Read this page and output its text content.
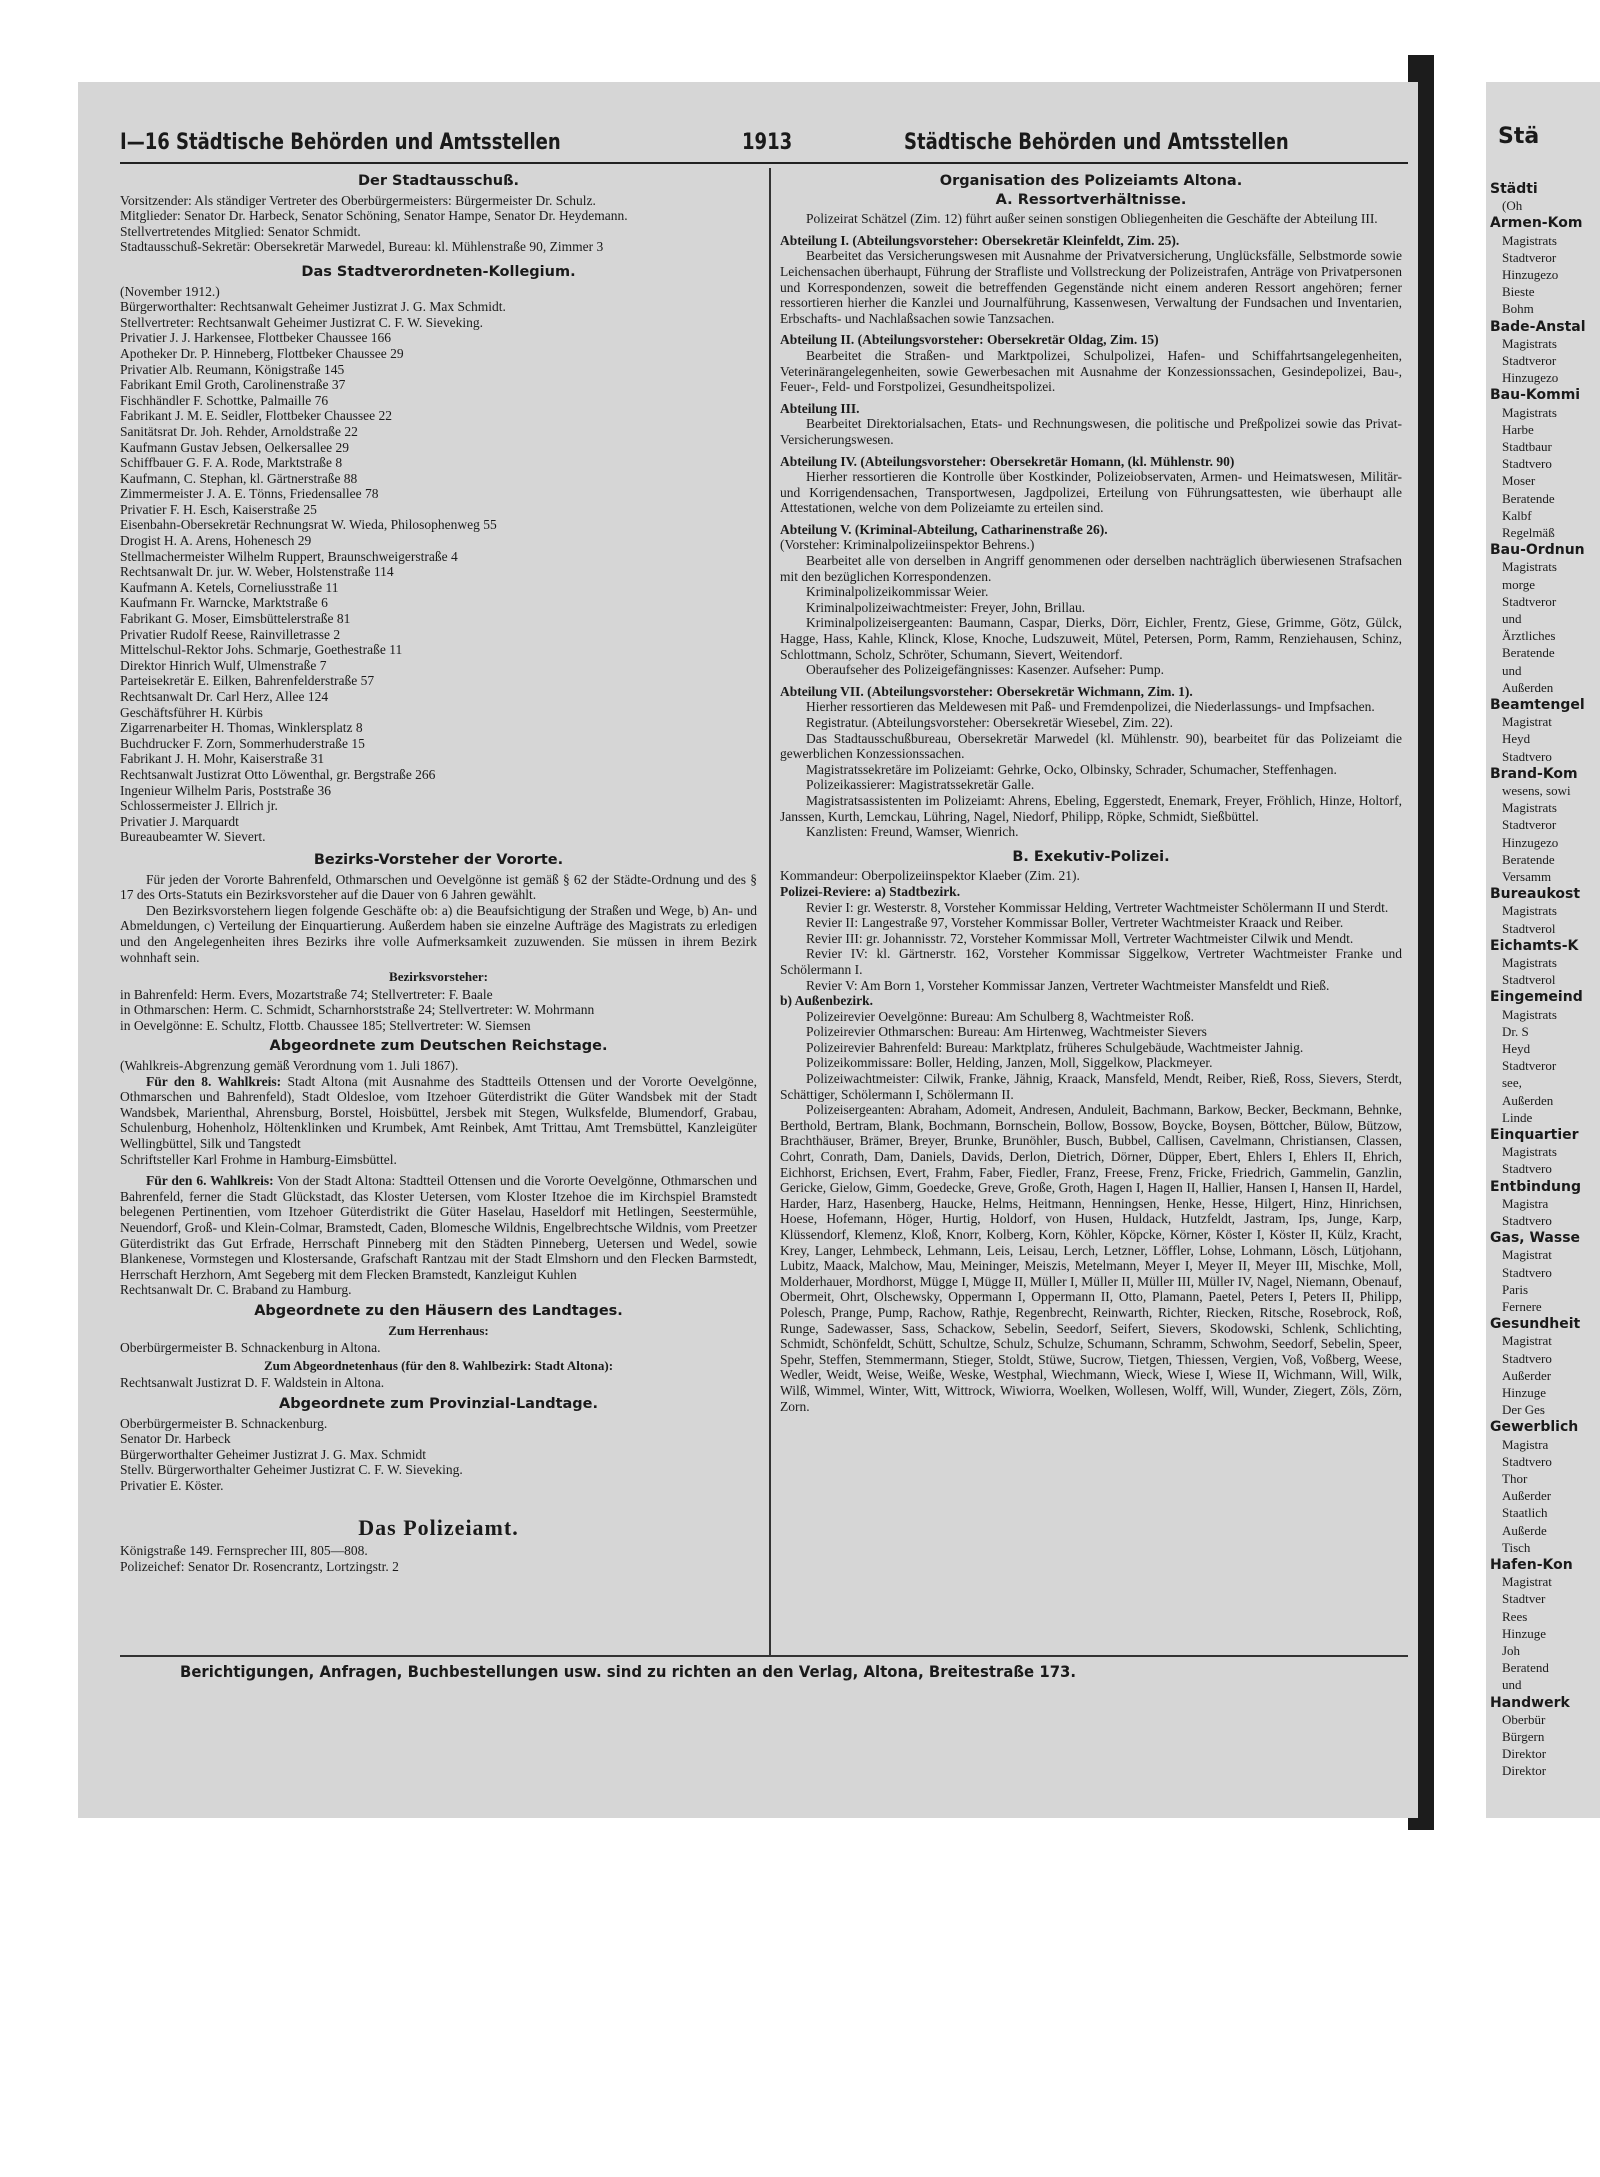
I—16 Städtische Behörden und Amtsstellen	1913	Städtische Behörden und Amtsstellen
Der Stadtausschuß.

Vorsitzender: Als ständiger Vertreter des Oberbürgermeisters: Bürgermeister Dr. Schulz.

Mitglieder: Senator Dr. Harbeck, Senator Schöning, Senator Hampe, Senator Dr. Heydemann.

Stellvertretendes Mitglied: Senator Schmidt.

Stadtausschuß-Sekretär: Obersekretär Marwedel, Bureau: kl. Mühlenstraße 90, Zimmer 3

Das Stadtverordneten-Kollegium.

(November 1912.)

Bürgerworthalter: Rechtsanwalt Geheimer Justizrat J. G. Max Schmidt.

Stellvertreter: Rechtsanwalt Geheimer Justizrat C. F. W. Sieveking.

Privatier J. J. Harkensee, Flottbeker Chaussee 166

Apotheker Dr. P. Hinneberg, Flottbeker Chaussee 29

Privatier Alb. Reumann, Königstraße 145

Fabrikant Emil Groth, Carolinenstraße 37

Fischhändler F. Schottke, Palmaille 76

Fabrikant J. M. E. Seidler, Flottbeker Chaussee 22

Sanitätsrat Dr. Joh. Rehder, Arnoldstraße 22

Kaufmann Gustav Jebsen, Oelkersallee 29

Schiffbauer G. F. A. Rode, Marktstraße 8

Kaufmann, C. Stephan, kl. Gärtnerstraße 88

Zimmermeister J. A. E. Tönns, Friedensallee 78

Privatier F. H. Esch, Kaiserstraße 25

Eisenbahn-Obersekretär Rechnungsrat W. Wieda, Philosophenweg 55

Drogist H. A. Arens, Hohenesch 29

Stellmachermeister Wilhelm Ruppert, Braunschweigerstraße 4

Rechtsanwalt Dr. jur. W. Weber, Holstenstraße 114

Kaufmann A. Ketels, Corneliusstraße 11

Kaufmann Fr. Warncke, Marktstraße 6

Fabrikant G. Moser, Eimsbüttelerstraße 81

Privatier Rudolf Reese, Rainvilletrasse 2

Mittelschul-Rektor Johs. Schmarje, Goethestraße 11

Direktor Hinrich Wulf, Ulmenstraße 7

Parteisekretär E. Eilken, Bahrenfelderstraße 57

Rechtsanwalt Dr. Carl Herz, Allee 124

Geschäftsführer H. Kürbis

Zigarrenarbeiter H. Thomas, Winklersplatz 8

Buchdrucker F. Zorn, Sommerhuderstraße 15

Fabrikant J. H. Mohr, Kaiserstraße 31

Rechtsanwalt Justizrat Otto Löwenthal, gr. Bergstraße 266

Ingenieur Wilhelm Paris, Poststraße 36

Schlossermeister J. Ellrich jr.

Privatier J. Marquardt

Bureaubeamter W. Sievert.

Bezirks-Vorsteher der Vororte.

Für jeden der Vororte Bahrenfeld, Othmarschen und Oevelgönne ist gemäß § 62 der Städte-Ordnung und des § 17 des Orts-Statuts ein Bezirksvorsteher auf die Dauer von 6 Jahren gewählt.

Den Bezirksvorstehern liegen folgende Geschäfte ob: a) die Beaufsichtigung der Straßen und Wege, b) An- und Abmeldungen, c) Verteilung der Einquartierung. Außerdem haben sie einzelne Aufträge des Magistrats zu erledigen und den Angelegenheiten ihres Bezirks ihre volle Aufmerksamkeit zuzuwenden. Sie müssen in ihrem Bezirk wohnhaft sein.

Bezirksvorsteher:

in Bahrenfeld: Herm. Evers, Mozartstraße 74; Stellvertreter: F. Baale

in Othmarschen: Herm. C. Schmidt, Scharnhorststraße 24; Stellvertreter: W. Mohrmann

in Oevelgönne: E. Schultz, Flottb. Chaussee 185; Stellvertreter: W. Siemsen

Abgeordnete zum Deutschen Reichstage.

(Wahlkreis-Abgrenzung gemäß Verordnung vom 1. Juli 1867).

Für den 8. Wahlkreis: Stadt Altona (mit Ausnahme des Stadtteils Ottensen und der Vororte Oevelgönne, Othmarschen und Bahrenfeld), Stadt Oldesloe, vom Itzehoer Güterdistrikt die Güter Wandsbek mit der Stadt Wandsbek, Marienthal, Ahrensburg, Borstel, Hoisbüttel, Jersbek mit Stegen, Wulksfelde, Blumendorf, Grabau, Schulenburg, Hohenholz, Höltenklinken und Krumbek, Amt Reinbek, Amt Trittau, Amt Tremsbüttel, Kanzleigüter Wellingbüttel, Silk und Tangstedt

Schriftsteller Karl Frohme in Hamburg-Eimsbüttel.

Für den 6. Wahlkreis: Von der Stadt Altona: Stadtteil Ottensen und die Vororte Oevelgönne, Othmarschen und Bahrenfeld, ferner die Stadt Glückstadt, das Kloster Uetersen, vom Kloster Itzehoe die im Kirchspiel Bramstedt belegenen Pertinentien, vom Itzehoer Güterdistrikt die Güter Haselau, Haseldorf mit Hetlingen, Seestermühle, Neuendorf, Groß- und Klein-Colmar, Bramstedt, Caden, Blomesche Wildnis, Engelbrechtsche Wildnis, vom Preetzer Güterdistrikt das Gut Erfrade, Herrschaft Pinneberg mit den Städten Pinneberg, Uetersen und Wedel, sowie Blankenese, Vormstegen und Klostersande, Grafschaft Rantzau mit der Stadt Elmshorn und den Flecken Barmstedt, Herrschaft Herzhorn, Amt Segeberg mit dem Flecken Bramstedt, Kanzleigut Kuhlen

Rechtsanwalt Dr. C. Braband zu Hamburg.

Abgeordnete zu den Häusern des Landtages.
Zum Herrenhaus:

Oberbürgermeister B. Schnackenburg in Altona.

Zum Abgeordnetenhaus (für den 8. Wahlbezirk: Stadt Altona):

Rechtsanwalt Justizrat D. F. Waldstein in Altona.

Abgeordnete zum Provinzial-Landtage.

Oberbürgermeister B. Schnackenburg.

Senator Dr. Harbeck

Bürgerworthalter Geheimer Justizrat J. G. Max. Schmidt

Stellv. Bürgerworthalter Geheimer Justizrat C. F. W. Sieveking.

Privatier E. Köster.

Das Polizeiamt.

Königstraße 149. Fernsprecher III, 805—808.

Polizeichef: Senator Dr. Rosencrantz, Lortzingstr. 2

Organisation des Polizeiamts Altona.
A. Ressortverhältnisse.

Polizeirat Schätzel (Zim. 12) führt außer seinen sonstigen Obliegenheiten die Geschäfte der Abteilung III.

Abteilung I. (Abteilungsvorsteher: Obersekretär Kleinfeldt, Zim. 25).

Bearbeitet das Versicherungswesen mit Ausnahme der Privatversicherung, Unglücksfälle, Selbstmorde sowie Leichensachen überhaupt, Führung der Strafliste und Vollstreckung der Polizeistrafen, Anträge von Privatpersonen und Korrespondenzen, soweit die betreffenden Gegenstände nicht einem anderen Ressort angehören; ferner ressortieren hierher die Kanzlei und Journalführung, Kassenwesen, Verwaltung der Fundsachen und Inventarien, Erbschafts- und Nachlaßsachen sowie Tanzsachen.

Abteilung II. (Abteilungsvorsteher: Obersekretär Oldag, Zim. 15)

Bearbeitet die Straßen- und Marktpolizei, Schulpolizei, Hafen- und Schiffahrtsangelegenheiten, Veterinärangelegenheiten, sowie Gewerbesachen mit Ausnahme der Konzessionssachen, Gesindepolizei, Bau-, Feuer-, Feld- und Forstpolizei, Gesundheitspolizei.

Abteilung III.

Bearbeitet Direktorialsachen, Etats- und Rechnungswesen, die politische und Preßpolizei sowie das Privat-Versicherungswesen.

Abteilung IV. (Abteilungsvorsteher: Obersekretär Homann, (kl. Mühlenstr. 90)

Hierher ressortieren die Kontrolle über Kostkinder, Polizeiobservaten, Armen- und Heimatswesen, Militär- und Korrigendensachen, Transportwesen, Jagdpolizei, Erteilung von Führungsattesten, wie überhaupt alle Attestationen, welche von dem Polizeiamte zu erteilen sind.

Abteilung V. (Kriminal-Abteilung, Catharinenstraße 26).

(Vorsteher: Kriminalpolizeiinspektor Behrens.)

Bearbeitet alle von derselben in Angriff genommenen oder derselben nachträglich überwiesenen Strafsachen mit den bezüglichen Korrespondenzen.

Kriminalpolizeikommissar Weier.

Kriminalpolizeiwachtmeister: Freyer, John, Brillau.

Kriminalpolizeisergeanten: Baumann, Caspar, Dierks, Dörr, Eichler, Frentz, Giese, Grimme, Götz, Gülck, Hagge, Hass, Kahle, Klinck, Klose, Knoche, Ludszuweit, Mütel, Petersen, Porm, Ramm, Renziehausen, Schinz, Schlottmann, Scholz, Schröter, Schumann, Sievert, Weitendorf.

Oberaufseher des Polizeigefängnisses: Kasenzer. Aufseher: Pump.

Abteilung VII. (Abteilungsvorsteher: Obersekretär Wichmann, Zim. 1).

Hierher ressortieren das Meldewesen mit Paß- und Fremdenpolizei, die Niederlassungs- und Impfsachen.

Registratur. (Abteilungsvorsteher: Obersekretär Wiesebel, Zim. 22).

Das Stadtausschußbureau, Obersekretär Marwedel (kl. Mühlenstr. 90), bearbeitet für das Polizeiamt die gewerblichen Konzessionssachen.

Magistratssekretäre im Polizeiamt: Gehrke, Ocko, Olbinsky, Schrader, Schumacher, Steffenhagen.

Polizeikassierer: Magistratssekretär Galle.

Magistratsassistenten im Polizeiamt: Ahrens, Ebeling, Eggerstedt, Enemark, Freyer, Fröhlich, Hinze, Holtorf, Janssen, Kurth, Lemckau, Lühring, Nagel, Niedorf, Philipp, Röpke, Schmidt, Sießbüttel.

Kanzlisten: Freund, Wamser, Wienrich.

B. Exekutiv-Polizei.

Kommandeur: Oberpolizeiinspektor Klaeber (Zim. 21).

Polizei-Reviere: a) Stadtbezirk.

Revier I: gr. Westerstr. 8, Vorsteher Kommissar Helding, Vertreter Wachtmeister Schölermann II und Sterdt.

Revier II: Langestraße 97, Vorsteher Kommissar Boller, Vertreter Wachtmeister Kraack und Reiber.

Revier III: gr. Johannisstr. 72, Vorsteher Kommissar Moll, Vertreter Wachtmeister Cilwik und Mendt.

Revier IV: kl. Gärtnerstr. 162, Vorsteher Kommissar Siggelkow, Vertreter Wachtmeister Franke und Schölermann I.

Revier V: Am Born 1, Vorsteher Kommissar Janzen, Vertreter Wachtmeister Mansfeldt und Rieß.

b) Außenbezirk.

Polizeirevier Oevelgönne: Bureau: Am Schulberg 8, Wachtmeister Roß.

Polizeirevier Othmarschen: Bureau: Am Hirtenweg, Wachtmeister Sievers

Polizeirevier Bahrenfeld: Bureau: Marktplatz, früheres Schulgebäude, Wachtmeister Jahnig.

Polizeikommissare: Boller, Helding, Janzen, Moll, Siggelkow, Plackmeyer.

Polizeiwachtmeister: Cilwik, Franke, Jähnig, Kraack, Mansfeld, Mendt, Reiber, Rieß, Ross, Sievers, Sterdt, Schättiger, Schölermann I, Schölermann II.

Polizeisergeanten: Abraham, Adomeit, Andresen, Anduleit, Bachmann, Barkow, Becker, Beckmann, Behnke, Berthold, Bertram, Blank, Bochmann, Bornschein, Bollow, Bossow, Boycke, Boysen, Böttcher, Bülow, Bützow, Brachthäuser, Brämer, Breyer, Brunke, Brunöhler, Busch, Bubbel, Callisen, Cavelmann, Christiansen, Classen, Cohrt, Conrath, Dam, Daniels, Davids, Derlon, Dietrich, Dörner, Düpper, Ebert, Ehlers I, Ehlers II, Ehrich, Eichhorst, Erichsen, Evert, Frahm, Faber, Fiedler, Franz, Freese, Frenz, Fricke, Friedrich, Gammelin, Ganzlin, Gericke, Gielow, Gimm, Goedecke, Greve, Große, Groth, Hagen I, Hagen II, Hallier, Hansen I, Hansen II, Hardel, Harder, Harz, Hasenberg, Haucke, Helms, Heitmann, Henningsen, Henke, Hesse, Hilgert, Hinz, Hinrichsen, Hoese, Hofemann, Höger, Hurtig, Holdorf, von Husen, Huldack, Hutzfeldt, Jastram, Ips, Junge, Karp, Klüssendorf, Klemenz, Kloß, Knorr, Kolberg, Korn, Köhler, Köpcke, Körner, Köster I, Köster II, Külz, Kracht, Krey, Langer, Lehmbeck, Lehmann, Leis, Leisau, Lerch, Letzner, Löffler, Lohse, Lohmann, Lösch, Lütjohann, Lubitz, Maack, Malchow, Mau, Meininger, Meiszis, Metelmann, Meyer I, Meyer II, Meyer III, Mischke, Moll, Molderhauer, Mordhorst, Mügge I, Mügge II, Müller I, Müller II, Müller III, Müller IV, Nagel, Niemann, Obenauf, Obermeit, Ohrt, Olschewsky, Oppermann I, Oppermann II, Otto, Plamann, Paetel, Peters I, Peters II, Philipp, Polesch, Prange, Pump, Rachow, Rathje, Regenbrecht, Reinwarth, Richter, Riecken, Ritsche, Rosebrock, Roß, Runge, Sadewasser, Sass, Schackow, Sebelin, Seedorf, Seifert, Sievers, Skodowski, Schlenk, Schlichting, Schmidt, Schönfeldt, Schütt, Schultze, Schulz, Schulze, Schumann, Schramm, Schwohm, Seedorf, Sebelin, Speer, Spehr, Steffen, Stemmermann, Stieger, Stoldt, Stüwe, Sucrow, Tietgen, Thiessen, Vergien, Voß, Voßberg, Weese, Wedler, Weidt, Weise, Weiße, Weske, Westphal, Wiechmann, Wieck, Wiese I, Wiese II, Wichmann, Will, Wilk, Wilß, Wimmel, Winter, Witt, Wittrock, Wiwiorra, Woelken, Wollesen, Wolff, Will, Wunder, Ziegert, Zöls, Zörn, Zorn.

Berichtigungen, Anfragen, Buchbestellungen usw. sind zu richten an den Verlag, Altona, Breitestraße 173.
Stä
Städti
(Oh
Armen-Kom
Magistrats
Stadtveror
Hinzugezo
Bieste
Bohm
Bade-Anstal
Magistrats
Stadtveror
Hinzugezo
Bau-Kommi
Magistrats
Harbe
Stadtbaur
Stadtvero
Moser
Beratende
Kalbf
Regelmäß
Bau-Ordnun
Magistrats
morge
Stadtveror
und
Ärztliches
Beratende
und
Außerden
Beamtengel
Magistrat
Heyd
Stadtvero
Brand-Kom
wesens, sowi
Magistrats
Stadtveror
Hinzugezo
Beratende
Versamm
Bureaukost
Magistrats
Stadtverol
Eichamts-K
Magistrats
Stadtverol
Eingemeind
Magistrats
Dr. S
Heyd
Stadtveror
see,
Außerden
Linde
Einquartier
Magistrats
Stadtvero
Entbindung
Magistra
Stadtvero
Gas, Wasse
Magistrat
Stadtvero
Paris
Fernere
Gesundheit
Magistrat
Stadtvero
Außerder
Hinzuge
Der Ges
Gewerblich
Magistra
Stadtvero
Thor
Außerder
Staatlich
Außerde
Tisch
Hafen-Kon
Magistrat
Stadtver
Rees
Hinzuge
Joh
Beratend
und
Handwerk
Oberbür
Bürgern
Direktor
Direktor
